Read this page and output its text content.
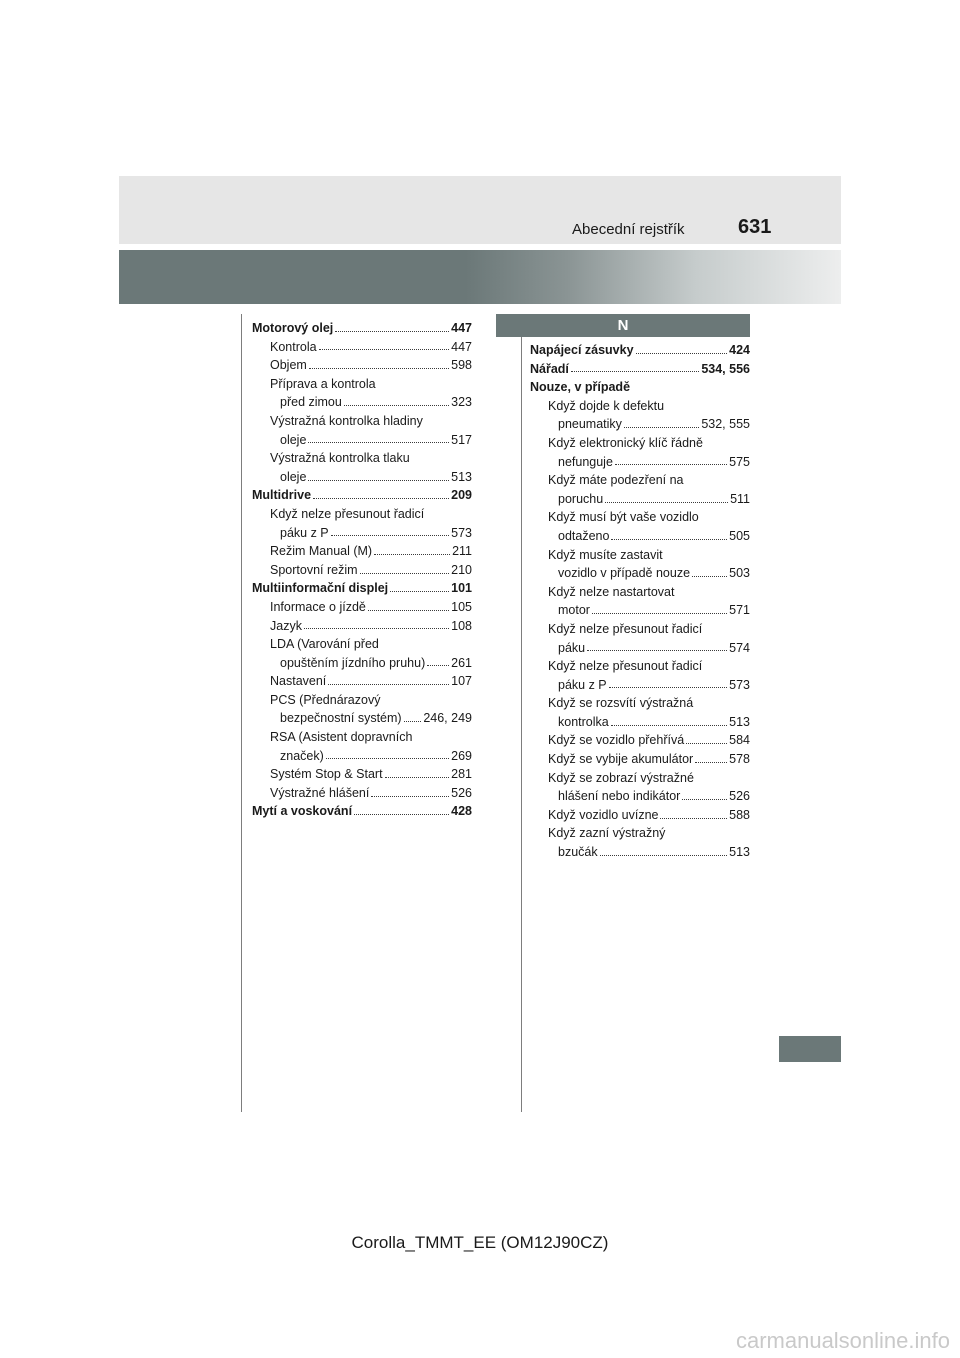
Abecední rejstřík	631
N
Motorový olej	447
Kontrola	447
Objem	598
Příprava a kontrola
před zimou	323
Výstražná kontrolka hladiny
oleje	517
Výstražná kontrolka tlaku
oleje	513
Multidrive	209
Když nelze přesunout řadicí
páku z P	573
Režim Manual (M)	211
Sportovní režim	210
Multiinformační displej	101
Informace o jízdě	105
Jazyk	108
LDA (Varování před
opuštěním jízdního pruhu) 261
Nastavení	107
PCS (Přednárazový
bezpečnostní systém) 246, 249
RSA (Asistent dopravních
značek)	269
Systém Stop & Start	281
Výstražné hlášení	526
Mytí a voskování	428
Napájecí zásuvky	424
Nářadí	534, 556
Nouze, v případě
Když dojde k defektu
pneumatiky	532, 555
Když elektronický klíč řádně
nefunguje	575
Když máte podezření na
poruchu	511
Když musí být vaše vozidlo
odtaženo	505
Když musíte zastavit
vozidlo v případě nouze	503
Když nelze nastartovat
motor	571
Když nelze přesunout řadicí
páku	574
Když nelze přesunout řadicí
páku z P	573
Když se rozsvítí výstražná
kontrolka	513
Když se vozidlo přehřívá	584
Když se vybije akumulátor	578
Když se zobrazí výstražné
hlášení nebo indikátor	526
Když vozidlo uvízne	588
Když zazní výstražný
bzučák	513
Corolla_TMMT_EE (OM12J90CZ)
carmanualsonline.info
